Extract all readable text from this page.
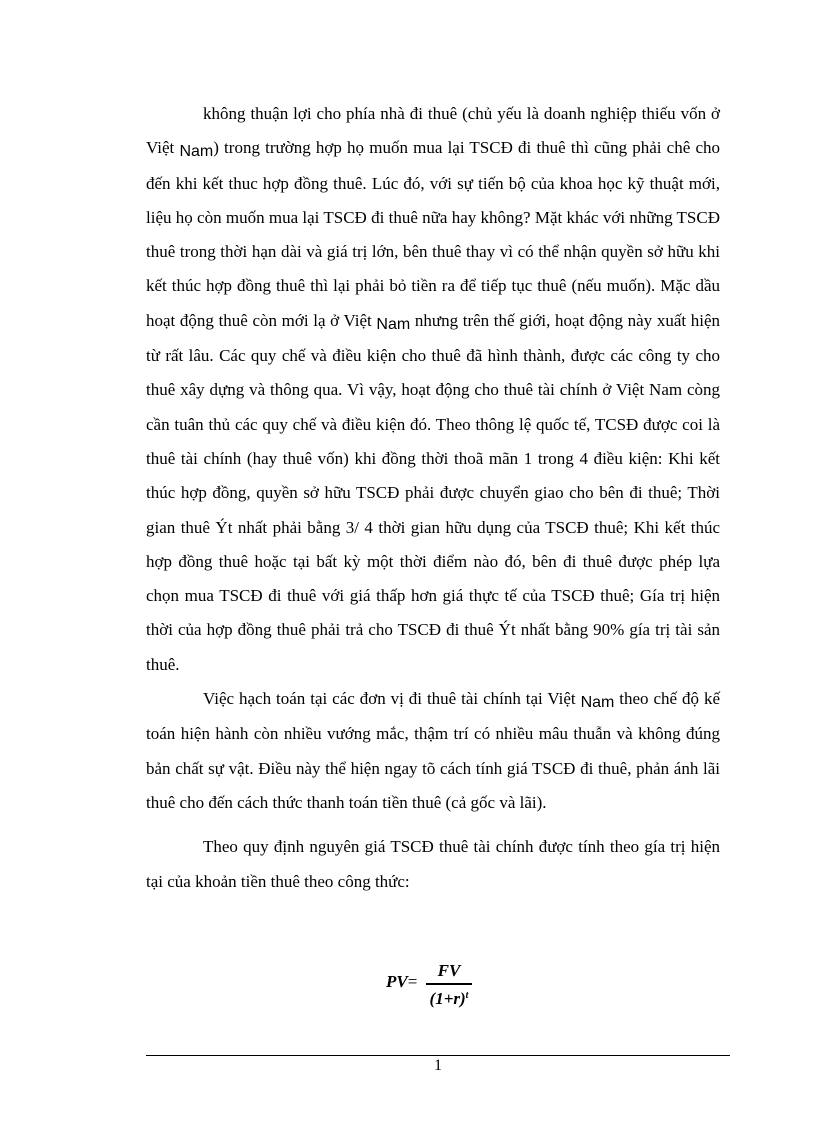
không thuận lợi cho phía nhà đi thuê (chủ yếu là doanh nghiệp thiếu vốn ở Việt Nam) trong trường hợp họ muốn mua lại TSCĐ đi thuê thì cũng phải chê cho đến khi kết thuc hợp đồng thuê. Lúc đó, với sự tiến bộ của khoa học kỹ thuật mới, liệu họ còn muốn mua lại TSCĐ đi thuê nữa hay không? Mặt khác với những TSCĐ thuê trong thời hạn dài và giá trị lớn, bên thuê thay vì có thể nhận quyền sở hữu khi kết thúc hợp đồng thuê thì lại phải bỏ tiền ra để tiếp tục thuê (nếu muốn). Mặc dầu hoạt động thuê còn mới lạ ở Việt Nam nhưng trên thế giới, hoạt động này xuất hiện từ rất lâu. Các quy chế và điều kiện cho thuê đã hình thành, được các công ty cho thuê xây dựng và thông qua. Vì vậy, hoạt động cho thuê tài chính ở Việt Nam còng cần tuân thủ các quy chế và điều kiện đó. Theo thông lệ quốc tế, TCSĐ được coi là thuê tài chính (hay thuê vốn) khi đồng thời thoã mãn 1 trong 4 điều kiện: Khi kết thúc hợp đồng, quyền sở hữu TSCĐ phải được chuyển giao cho bên đi thuê; Thời gian thuê Ýt nhất phải bằng 3/ 4 thời gian hữu dụng của TSCĐ thuê; Khi kết thúc hợp đồng thuê hoặc tại bất kỳ một thời điểm nào đó, bên đi thuê được phép lựa chọn mua TSCĐ đi thuê với giá thấp hơn giá thực tế của TSCĐ thuê; Gía trị hiện thời của hợp đồng thuê phải trả cho TSCĐ đi thuê Ýt nhất bằng 90% gía trị tài sản thuê.

Việc hạch toán tại các đơn vị đi thuê tài chính tại Việt Nam theo chế độ kế toán hiện hành còn nhiều vướng mắc, thậm trí có nhiều mâu thuẫn và không đúng bản chất sự vật. Điều này thể hiện ngay tõ cách tính giá TSCĐ đi thuê, phản ánh lãi thuê cho đến cách thức thanh toán tiền thuê (cả gốc và lãi).

Theo quy định nguyên giá TSCĐ thuê tài chính được tính theo gía trị hiện tại của khoản tiền thuê theo công thức:

PV=
FV
$(1+r)^t$
1
